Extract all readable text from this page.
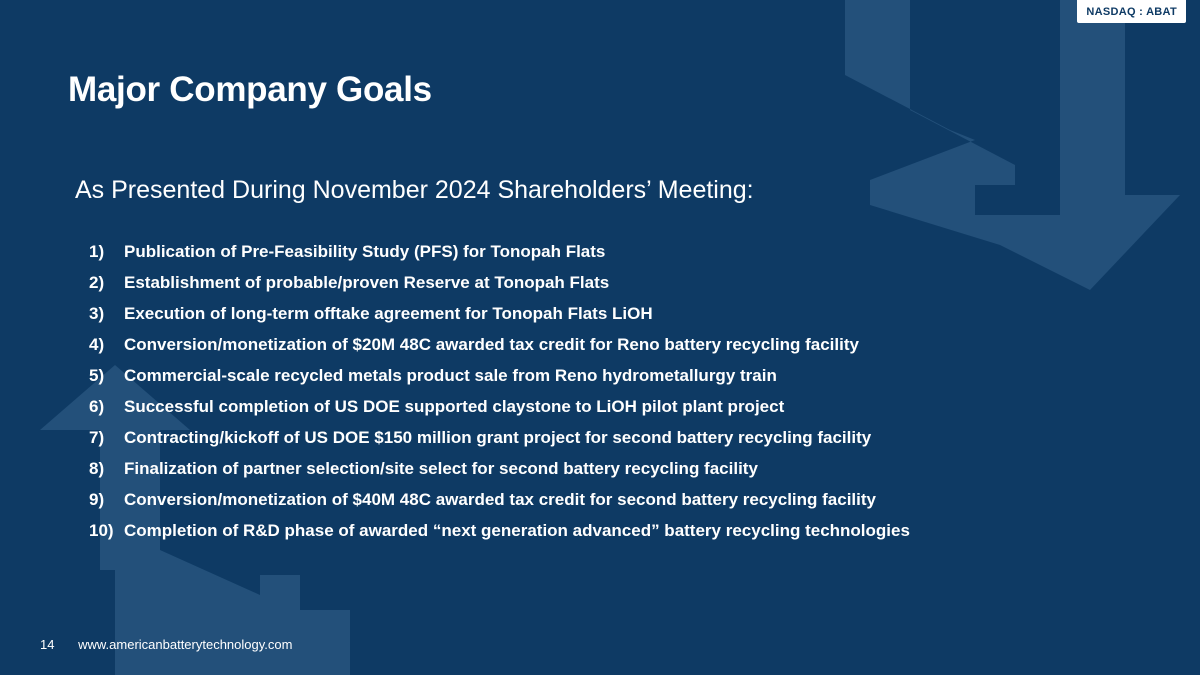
NASDAQ : ABAT
Major Company Goals
As Presented During November 2024 Shareholders’ Meeting:
1)	Publication of Pre-Feasibility Study (PFS) for Tonopah Flats
2)	Establishment of probable/proven Reserve at Tonopah Flats
3)	Execution of long-term offtake agreement for Tonopah Flats LiOH
4)	Conversion/monetization of $20M 48C awarded tax credit for Reno battery recycling facility
5)	Commercial-scale recycled metals product sale from Reno hydrometallurgy train
6)	Successful completion of US DOE supported claystone to LiOH pilot plant project
7)	Contracting/kickoff of US DOE $150 million grant project for second battery recycling facility
8)	Finalization of partner selection/site select for second battery recycling facility
9)	Conversion/monetization of $40M 48C awarded tax credit for second battery recycling facility
10) Completion of R&D phase of awarded “next generation advanced” battery recycling technologies
14 www.americanbatterytechnology.com
